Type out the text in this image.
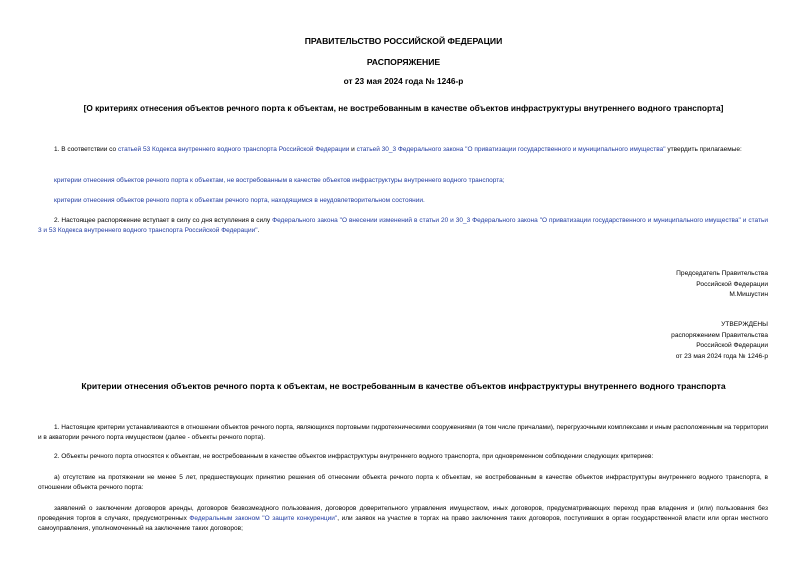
ПРАВИТЕЛЬСТВО РОССИЙСКОЙ ФЕДЕРАЦИИ
РАСПОРЯЖЕНИЕ
от 23 мая 2024 года № 1246-р
[О критериях отнесения объектов речного порта к объектам, не востребованным в качестве объектов инфраструктуры внутреннего водного транспорта]
1. В соответствии со статьей 53 Кодекса внутреннего водного транспорта Российской Федерации и статьей 30_3 Федерального закона "О приватизации государственного и муниципального имущества" утвердить прилагаемые:
критерии отнесения объектов речного порта к объектам, не востребованным в качестве объектов инфраструктуры внутреннего водного транспорта;
критерии отнесения объектов речного порта к объектам речного порта, находящимся в неудовлетворительном состоянии.
2. Настоящее распоряжение вступает в силу со дня вступления в силу Федерального закона "О внесении изменений в статьи 20 и 30_3 Федерального закона "О приватизации государственного и муниципального имущества" и статьи 3 и 53 Кодекса внутреннего водного транспорта Российской Федерации".
Председатель Правительства
Российской Федерации
М.Мишустин
УТВЕРЖДЕНЫ
распоряжением Правительства
Российской Федерации
от 23 мая 2024 года № 1246-р
Критерии отнесения объектов речного порта к объектам, не востребованным в качестве объектов инфраструктуры внутреннего водного транспорта
1. Настоящие критерии устанавливаются в отношении объектов речного порта, являющихся портовыми гидротехническими сооружениями (в том числе причалами), перегрузочными комплексами и иным расположенным на территории и в акватории речного порта имуществом (далее - объекты речного порта).
2. Объекты речного порта относятся к объектам, не востребованным в качестве объектов инфраструктуры внутреннего водного транспорта, при одновременном соблюдении следующих критериев:
а) отсутствие на протяжении не менее 5 лет, предшествующих принятию решения об отнесении объекта речного порта к объектам, не востребованным в качестве объектов инфраструктуры внутреннего водного транспорта, в отношении объекта речного порта:
заявлений о заключении договоров аренды, договоров безвозмездного пользования, договоров доверительного управления имуществом, иных договоров, предусматривающих переход прав владения и (или) пользования без проведения торгов в случаях, предусмотренных Федеральным законом "О защите конкуренции", или заявок на участие в торгах на право заключения таких договоров, поступивших в орган государственной власти или орган местного самоуправления, уполномоченный на заключение таких договоров;
